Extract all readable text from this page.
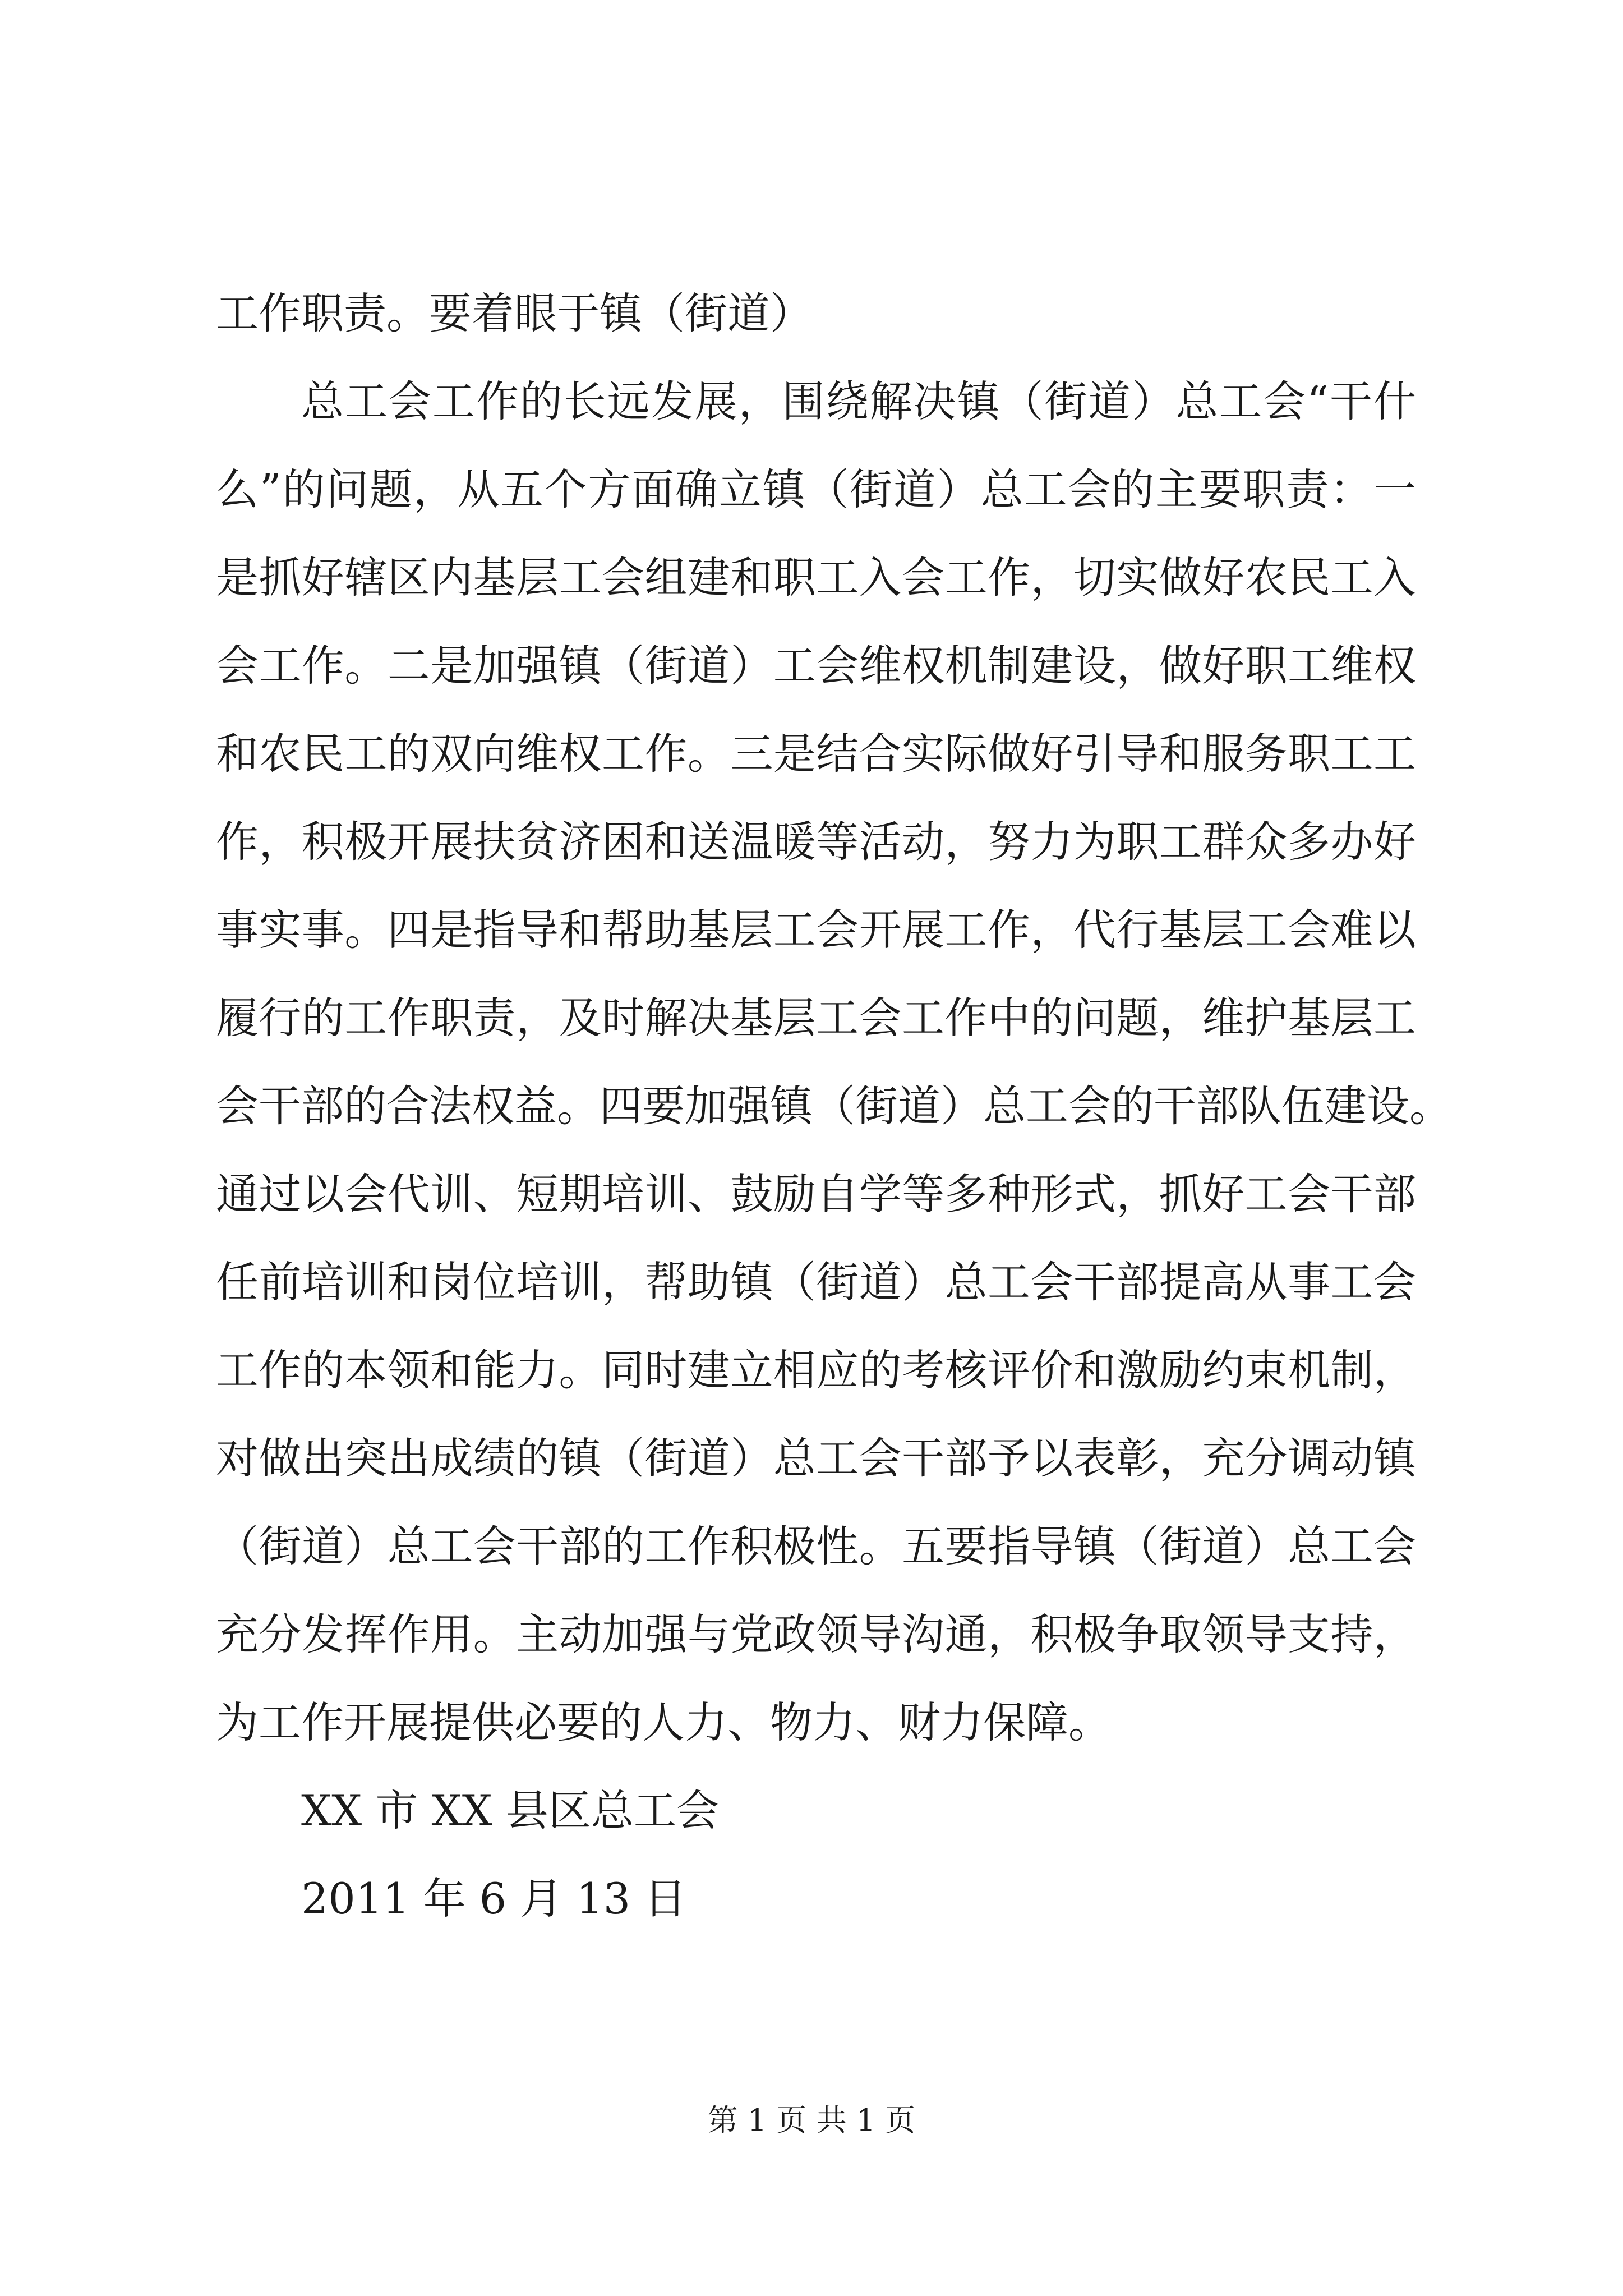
工作职责。要着眼于镇（街道）
总工会工作的长远发展，围绕解决镇（街道）总工会“干什
么”的问题，从五个方面确立镇（街道）总工会的主要职责：一
是抓好辖区内基层工会组建和职工入会工作，切实做好农民工入
会工作。二是加强镇（街道）工会维权机制建设，做好职工维权
和农民工的双向维权工作。三是结合实际做好引导和服务职工工
作，积极开展扶贫济困和送温暖等活动，努力为职工群众多办好
事实事。四是指导和帮助基层工会开展工作，代行基层工会难以
履行的工作职责，及时解决基层工会工作中的问题，维护基层工
会干部的合法权益。四要加强镇（街道）总工会的干部队伍建设。
通过以会代训、短期培训、鼓励自学等多种形式，抓好工会干部
任前培训和岗位培训，帮助镇（街道）总工会干部提高从事工会
工作的本领和能力。同时建立相应的考核评价和激励约束机制，
对做出突出成绩的镇（街道）总工会干部予以表彰，充分调动镇
（街道）总工会干部的工作积极性。五要指导镇（街道）总工会
充分发挥作用。主动加强与党政领导沟通，积极争取领导支持，
为工作开展提供必要的人力、物力、财力保障。
XX 市 XX 县区总工会
2011 年 6 月 13 日
第 1 页 共 1 页
